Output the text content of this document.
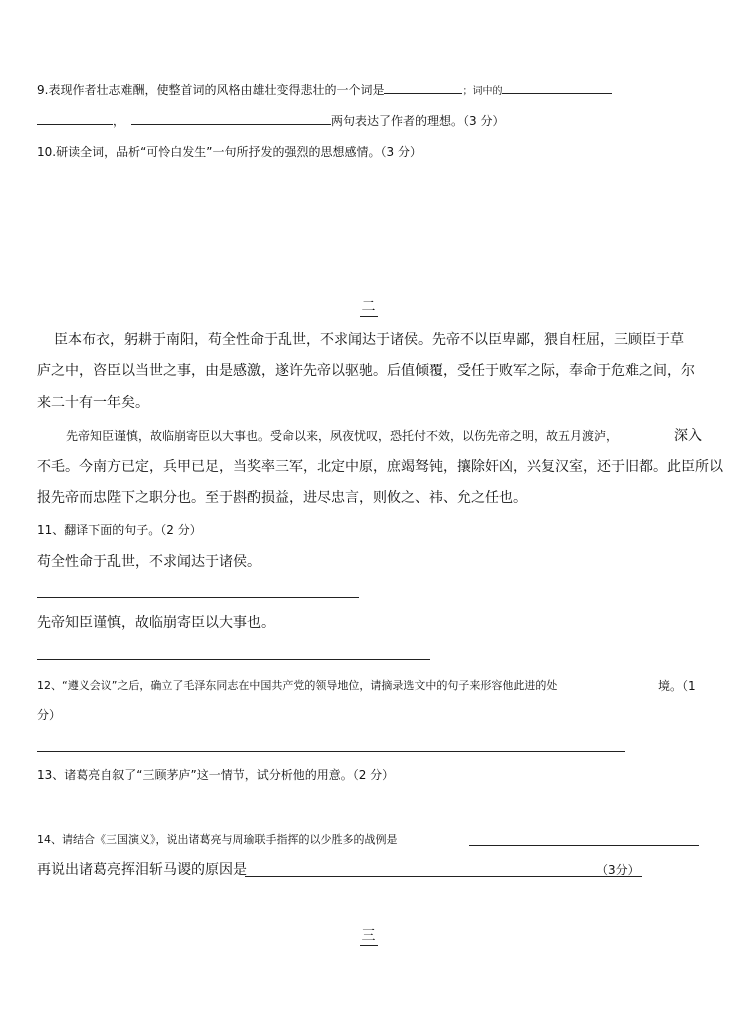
9.表现作者壮志难酬，使整首词的风格由雄壮变得悲壮的一个词是	；词中的
，	两句表达了作者的理想。（3 分）
10.研读全词，品析“可怜白发生”一句所抒发的强烈的思想感情。（3 分）
二
臣本布衣，躬耕于南阳，苟全性命于乱世，不求闻达于诸侯。先帝不以臣卑鄙，猥自枉屈，三顾臣于草
庐之中，咨臣以当世之事，由是感激，遂许先帝以驱驰。后值倾覆，受任于败军之际，奉命于危难之间，尔
来二十有一年矣。
先帝知臣谨慎，故临崩寄臣以大事也。受命以来，夙夜忧叹，恐托付不效，以伤先帝之明，故五月渡泸，	深入
不毛。今南方已定，兵甲已足，当奖率三军，北定中原，庶竭驽钝，攘除奸凶，兴复汉室，还于旧都。此臣所以
报先帝而忠陛下之职分也。至于斟酌损益，进尽忠言，则攸之、祎、允之任也。
11、翻译下面的句子。（2 分）
苟全性命于乱世，不求闻达于诸侯。
先帝知臣谨慎，故临崩寄臣以大事也。
12、“遵义会议”之后，确立了毛泽东同志在中国共产党的领导地位，请摘录选文中的句子来形容他此进的处	境。（1
分）
13、诸葛亮自叙了“三顾茅庐”这一情节，试分析他的用意。（2 分）
14、请结合《三国演义》，说出诸葛亮与周瑜联手指挥的以少胜多的战例是
再说出诸葛亮挥泪斩马谡的原因是	（3分）
三
